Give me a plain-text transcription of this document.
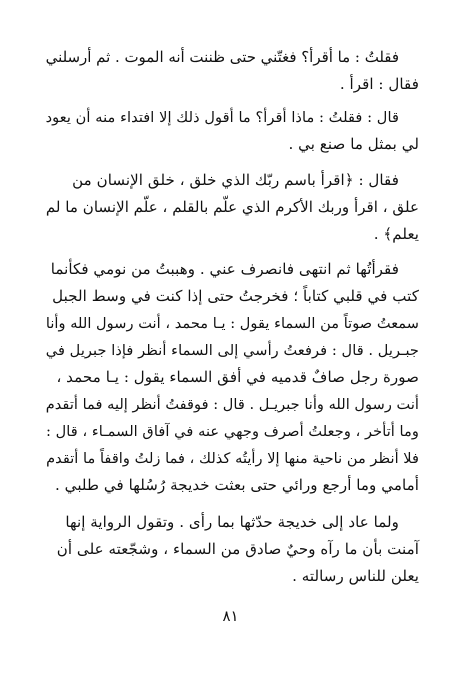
فقلتُ : ما أقرأ؟ فغتّني حتى ظننت أنه الموت . ثم أرسلني
فقال : اقرأ .

قال : فقلتُ : ماذا أقرأ؟ ما أقول ذلك إلا افتداء منه أن يعود
لي بمثل ما صنع بي .

فقال : ﴿اقرأ باسم ربّك الذي خلق ، خلق الإنسان من
علق ، اقرأ وربك الأكرم الذي علّم بالقلم ، علّم الإنسان ما لم
يعلم﴾ .

فقرأتُها ثم انتهى فانصرف عني . وهببتُ من نومي فكأنما
كتب في قلبي كتاباً ؛ فخرجتُ حتى إذا كنت في وسط الجبل
سمعتُ صوتاً من السماء يقول : يـا محمد ، أنت رسول الله وأنا
جبـريل . قال : فرفعتُ رأسي إلى السماء أنظر فإذا جبريل في
صورة رجل صافٌ قدميه في أفق السماء يقول : يـا محمد ،
أنت رسول الله وأنا جبريـل . قال : فوقفتُ أنظر إليه فما أتقدم
وما أتأخر ، وجعلتُ أصرف وجهي عنه في آفاق السمـاء ، قال :
فلا أنظر من ناحية منها إلا رأيتُه كذلك ، فما زلتُ واقفاً ما أتقدم
أمامي وما أرجع ورائي حتى بعثت خديجة رُسُلها في طلبي .

ولما عاد إلى خديجة حدّثها بما رأى . وتقول الرواية إنها
آمنت بأن ما رآه وحيٌ صادق من السماء ، وشجّعته على أن
يعلن للناس رسالته .

٨١
